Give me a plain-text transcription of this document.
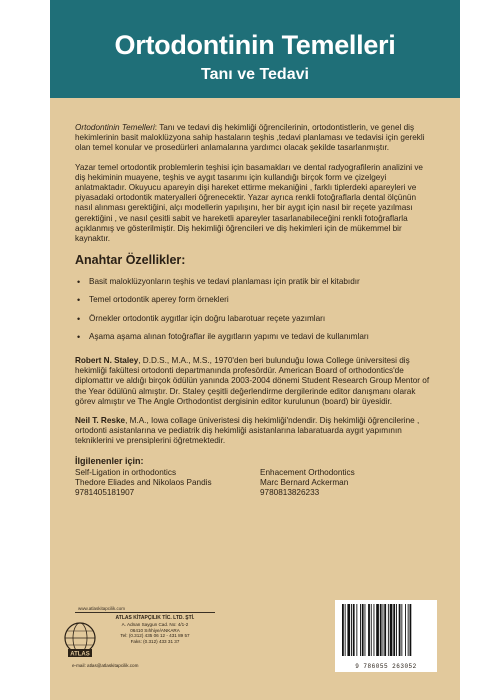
Ortodontinin Temelleri
Tanı ve Tedavi

Ortodontinin Temelleri: Tanı ve tedavi diş hekimliği öğrencilerinin, ortodontistlerin, ve genel diş hekimlerinin basit maloklüzyona sahip hastaların teşhis ,tedavi planlaması ve tedavisi için gerekli olan temel konular ve prosedürleri anlamalarına yardımcı olacak şekilde tasarlanmıştır.

Yazar temel ortodontik problemlerin teşhisi için basamakları ve dental radyografilerin analizini ve diş hekiminin muayene, teşhis ve aygıt tasarımı için kullandığı birçok form ve çizelgeyi anlatmaktadır. Okuyucu apareyin dişi hareket ettirme mekaniğini , farklı tiplerdeki apareyleri ve piyasadaki ortodontik materyalleri öğrenecektir. Yazar ayrıca renkli fotoğraflarla dental ölçünün nasıl alınması gerektiğini, alçı modellerin yapılışını, her bir aygıt için nasıl bir reçete yazılması gerektiğini , ve nasıl çesitli sabit ve hareketli apareyler tasarlanabileceğini renkli fotoğraflarla açıklanmış ve gösterilmiştir. Diş hekimliği öğrencileri ve diş hekimleri için de mükemmel bir kaynaktır.

Anahtar Özellikler:
• Basit maloklüzyonların teşhis ve tedavi planlaması için pratik bir el kitabıdır
• Temel ortodontik aperey form örnekleri
• Örnekler ortodontik aygıtlar için doğru labarotuar reçete yazımları
• Aşama aşama alınan fotoğraflar ile aygıtların yapımı ve tedavi de kullanımları

Robert N. Staley, D.D.S., M.A., M.S., 1970'den beri bulunduğu Iowa College üniversitesi diş hekimliği fakültesi ortodonti departmanında profesördür. American Board of orthodontics'de diplomattır ve aldığı birçok ödülün yanında 2003-2004 dönemi Student Research Group Mentor of the Year ödülünü almıştır. Dr. Staley çeşitli değerlendirme dergilerinde editor danışmanı olarak görev almıştır ve The Angle Orthodontist dergisinin editor kurulunun (board) bir üyesidir.

Neil T. Reske, M.A., Iowa collage üniveristesi diş hekimliği'ndendir. Diş hekimliği öğrencilerine , ortodonti asistanlarına ve pediatrik diş hekimliği asistanlarına labaratuarda aygıt yapımının tekniklerini ve prensiplerini öğretmektedir.

İlgilenenler için:
Self-Ligation in orthodontics
Thedore Eliades and Nikolaos Pandis
9781405181907
Enhacement Orthodontics
Marc Bernard Ackerman
9780813826233
www.atlaskitapcilik.com
ATLAS
ATLAS KİTAPÇILIK TİC. LTD. ŞTİ.
A. Adnan Saygun Cad. No: 4/1-2
06410 Sıhhiye/ANKARA
Tel: (0.312) 435 06 12 - 431 89 57
Faks: (0.312) 433 31 37
e-mail: atlas@atlaskitapcilik.com	9 786055 263052
